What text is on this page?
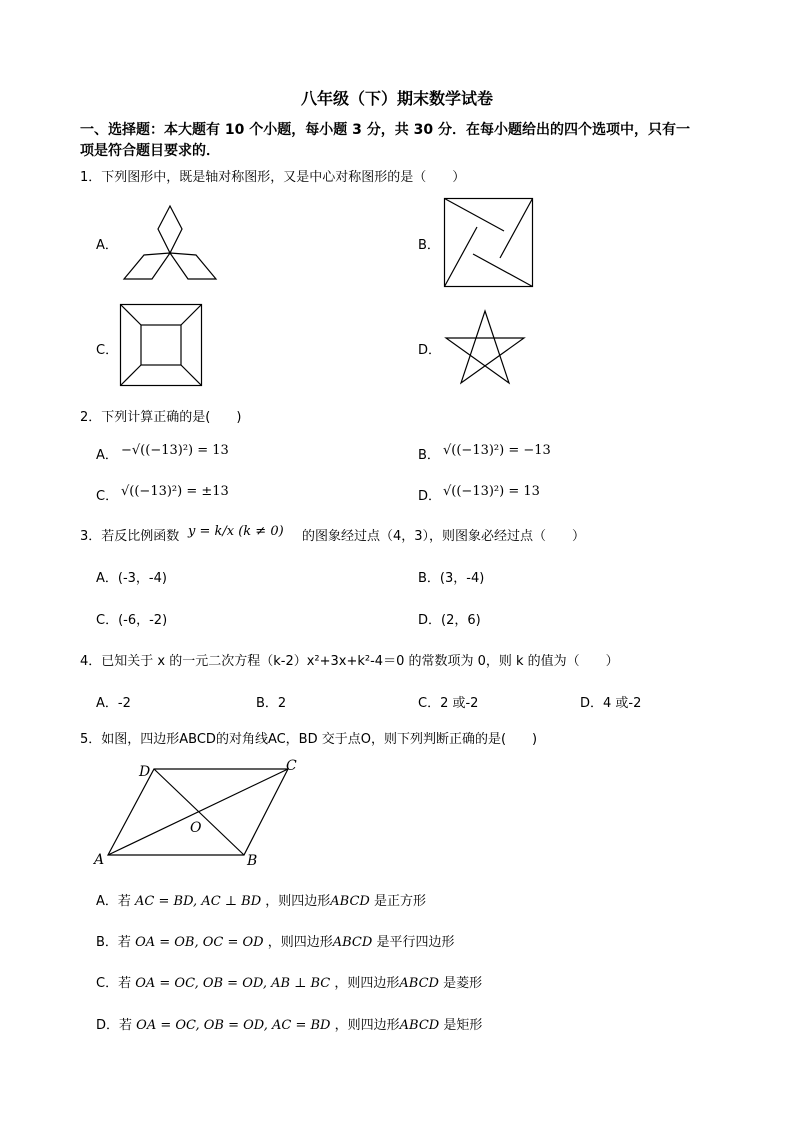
八年级（下）期末数学试卷
一、选择题：本大题有 10 个小题，每小题 3 分，共 30 分．在每小题给出的四个选项中，只有一
项是符合题目要求的．
1．下列图形中，既是轴对称图形，又是中心对称图形的是（　　）
A．	B．
C．	D．
2．下列计算正确的是(　　)
A． −√((−13)²) = 13	B． √((−13)²) = −13
C． √((−13)²) = ±13	D． √((−13)²) = 13
3．若反比例函数 y = k/x (k ≠ 0) 的图象经过点（4，3），则图象必经过点（　　）
A．(-3，-4)	B．(3，-4)
C．(-6，-2)	D．(2，6)
4．已知关于 x 的一元二次方程（k-2）x²+3x+k²-4＝0 的常数项为 0，则 k 的值为（　　）
A．-2	B．2	C．2 或-2	D．4 或-2
5．如图，四边形ABCD的对角线AC，BD 交于点O，则下列判断正确的是(　　)
A	B
C
D
O
A．若 AC = BD, AC ⊥ BD ，则四边形ABCD 是正方形
B．若 OA = OB, OC = OD ，则四边形ABCD 是平行四边形
C．若 OA = OC, OB = OD, AB ⊥ BC ，则四边形ABCD 是菱形
D．若 OA = OC, OB = OD, AC = BD ，则四边形ABCD 是矩形
